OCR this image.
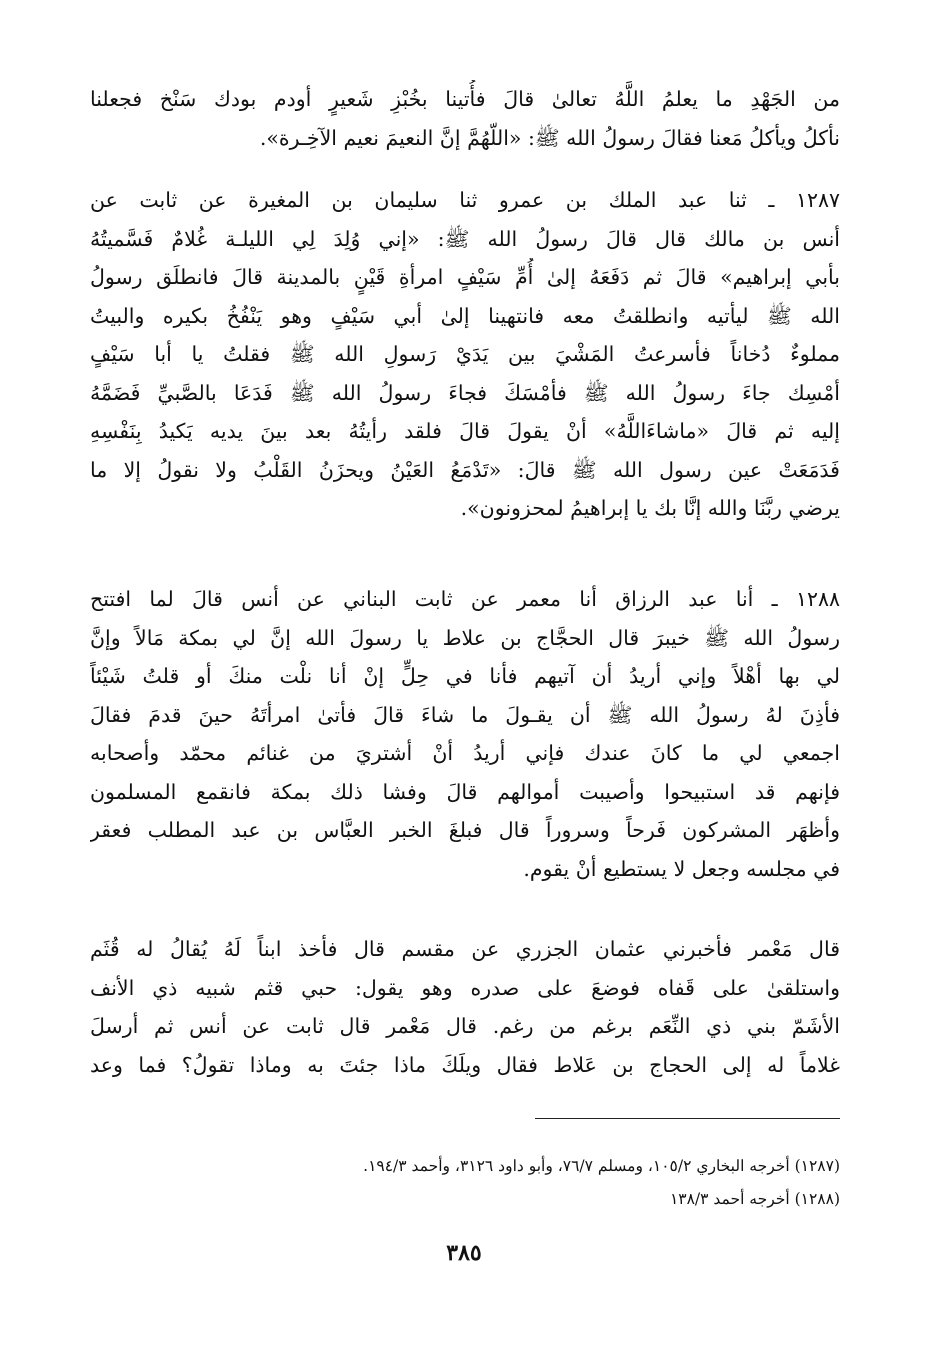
من الجَهْدِ ما يعلمُ اللَّهُ تعالىٰ قالَ فأُتينا بخُبْزِ شَعيرٍ أودم بودك سَنْخ فجعلنا
نأكلُ ويأكلُ مَعنا فقالَ رسولُ الله ﷺ: «اللّهُمَّ إنَّ النعيمَ نعيم الآخِـرة».
١٢٨٧ ـ ثنا عبد الملك بن عمرو ثنا سليمان بن المغيرة عن ثابت عن
أنس بن مالك قال قالَ رسولُ الله ﷺ: «إني وُلِدَ لِي الليلـة غُلامٌ فَسَّميتُهُ
بأبي إبراهيم» قالَ ثم دَفَعَهُ إلىٰ أُمِّ سَيْفٍ امرأةِ قَيْنٍ بالمدينة قالَ فانطلَق رسولُ
الله ﷺ ليأتيه وانطلقتُ معه فانتهينا إلىٰ أبي سَيْفٍ وهو يَنْفُخُ بكيره والبيتُ
مملوءٌ دُخاناً فأسرعتُ المَشْيَ بين يَدَيْ رَسولِ الله ﷺ فقلتُ يا أبا سَيْفٍ
أمْسِك جاءَ رسولُ الله ﷺ فأمْسَكَ فجاءَ رسولُ الله ﷺ فَدَعَا بالصَّبيِّ فَضَمَّهُ
إليه ثم قالَ «ماشاءَاللَّهُ» أنْ يقولَ قالَ فلقد رأيتُهُ بعد بينَ يديه يَكيدُ بِنَفْسِهِ
فَدَمَعَتْ عين رسول الله ﷺ قالَ: «تَدْمَعُ العَيْنُ ويحزَنُ القَلْبُ ولا نقولُ إلا ما
يرضي ربَّنَا والله إنَّا بك يا إبراهيمُ لمحزونون».
١٢٨٨ ـ أنا عبد الرزاق أنا معمر عن ثابت البناني عن أنس قالَ لما افتتح
رسولُ الله ﷺ خيبرَ قال الحجَّاج بن علاط يا رسولَ الله إنَّ لي بمكة مَالاً وإنَّ
لي بها أهْلاً وإني أريدُ أن آتيهم فأنا في حِلٍّ إنْ أنا نلْت منكَ أو قلتُ شَيْئاً
فأذِنَ لهُ رسولُ الله ﷺ أن يقـولَ ما شاءَ قالَ فأتىٰ امرأتَهُ حينَ قدمَ فقالَ
اجمعي لي ما كانَ عندك فإني أريدُ أنْ أشتريَ من غنائم محمّد وأصحابه
فإنهم قد استبيحوا وأصيبت أموالهم قالَ وفشا ذلك بمكة فانقمع المسلمون
وأظهَر المشركون فَرحاً وسروراً قال فبلغَ الخبر العبَّاس بن عبد المطلب فعقر
في مجلسه وجعل لا يستطيع أنْ يقوم.
قال مَعْمر فأخبرني عثمان الجزري عن مقسم قال فأخذ ابناً لَهُ يُقالُ له قُثَم
واستلقىٰ على قَفاه فوضعَ على صدره وهو يقول: حبي قثم شبيه ذي الأنف
الأشَمّ بني ذي النِّعَم برغم من رغم. قال مَعْمر قال ثابت عن أنس ثم أرسلَ
غلاماً له إلى الحجاج بن عَلاط فقال ويلَكَ ماذا جئتَ به وماذا تقولُ؟ فما وعد
(١٢٨٧) أخرجه البخاري ١٠٥/٢، ومسلم ٧٦/٧، وأبو داود ٣١٢٦، وأحمد ١٩٤/٣.
(١٢٨٨) أخرجه أحمد ١٣٨/٣
٣٨٥
